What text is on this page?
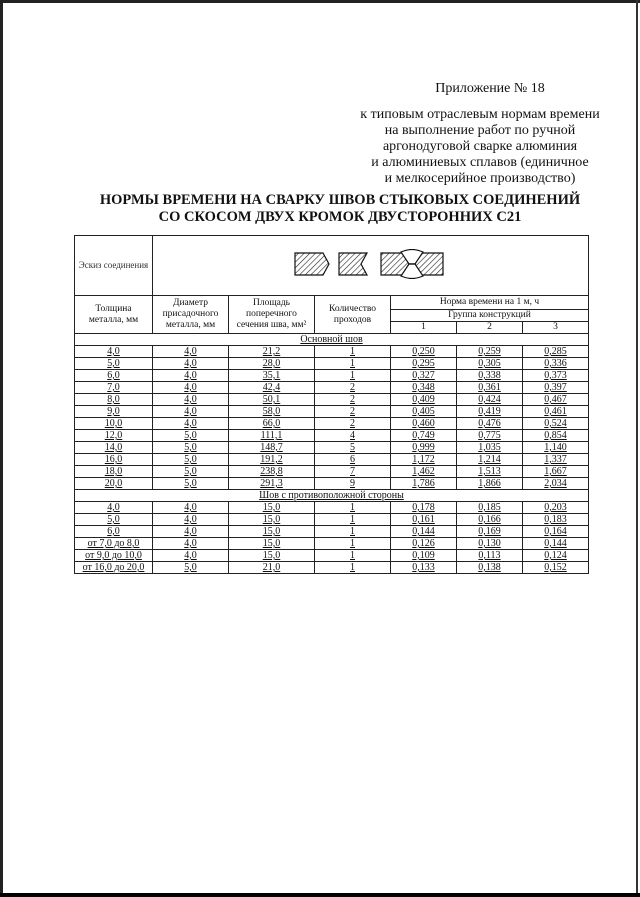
Приложение № 18
к типовым отраслевым нормам времени
на выполнение работ по ручной
аргонодуговой сварке алюминия
и алюминиевых сплавов (единичное
и мелкосерийное производство)
НОРМЫ ВРЕМЕНИ НА СВАРКУ ШВОВ СТЫКОВЫХ СОЕДИНЕНИЙ
СО СКОСОМ ДВУХ КРОМОК ДВУСТОРОННИХ С21
Эскиз соединения	
Толщина металла, мм	Диаметр присадочного металла, мм	Площадь поперечного сечения шва, мм²	Количество проходов	Норма времени на 1 м, ч		
				Группа конструкций		
				1	2	3
Основной шов						
4,0	4,0	21,2	1	0,250	0,259	0,285
5,0	4,0	28,0	1	0,295	0,305	0,336
6,0	4,0	35,1	1	0,327	0,338	0,373
7,0	4,0	42,4	2	0,348	0,361	0,397
8,0	4,0	50,1	2	0,409	0,424	0,467
9,0	4,0	58,0	2	0,405	0,419	0,461
10,0	4,0	66,0	2	0,460	0,476	0,524
12,0	5,0	111,1	4	0,749	0,775	0,854
14,0	5,0	148,7	5	0,999	1,035	1,140
16,0	5,0	191,2	6	1,172	1,214	1,337
18,0	5,0	238,8	7	1,462	1,513	1,667
20,0	5,0	291,3	9	1,786	1,866	2,034
Шов с противоположной стороны						
4,0	4,0	15,0	1	0,178	0,185	0,203
5,0	4,0	15,0	1	0,161	0,166	0,183
6,0	4,0	15,0	1	0,144	0,169	0,164
от 7,0 до 8,0	4,0	15,0	1	0,126	0,130	0,144
от 9,0 до 10,0	4,0	15,0	1	0,109	0,113	0,124
от 16,0 до 20,0	5,0	21,0	1	0,133	0,138	0,152
